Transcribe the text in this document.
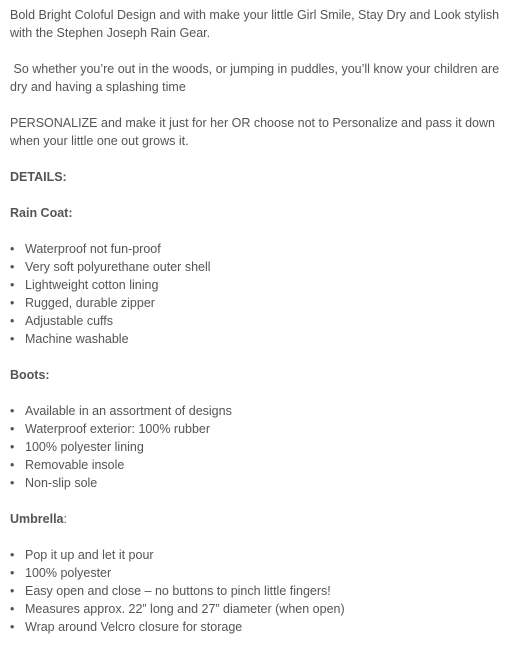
Bold Bright Coloful Design and with make your little Girl Smile, Stay Dry and Look stylish with the Stephen Joseph Rain Gear.

So whether you’re out in the woods, or jumping in puddles, you’ll know your children are dry and having a splashing time

PERSONALIZE and make it just for her OR choose not to Personalize and pass it down when your little one out grows it.

DETAILS:
Rain Coat:
• Waterproof not fun-proof
• Very soft polyurethane outer shell
• Lightweight cotton lining
• Rugged, durable zipper
• Adjustable cuffs
• Machine washable
Boots:
• Available in an assortment of designs
• Waterproof exterior: 100% rubber
• 100% polyester lining
• Removable insole
• Non-slip sole
Umbrella:
• Pop it up and let it pour
• 100% polyester
• Easy open and close – no buttons to pinch little fingers!
• Measures approx. 22” long and 27” diameter (when open)
• Wrap around Velcro closure for storage
